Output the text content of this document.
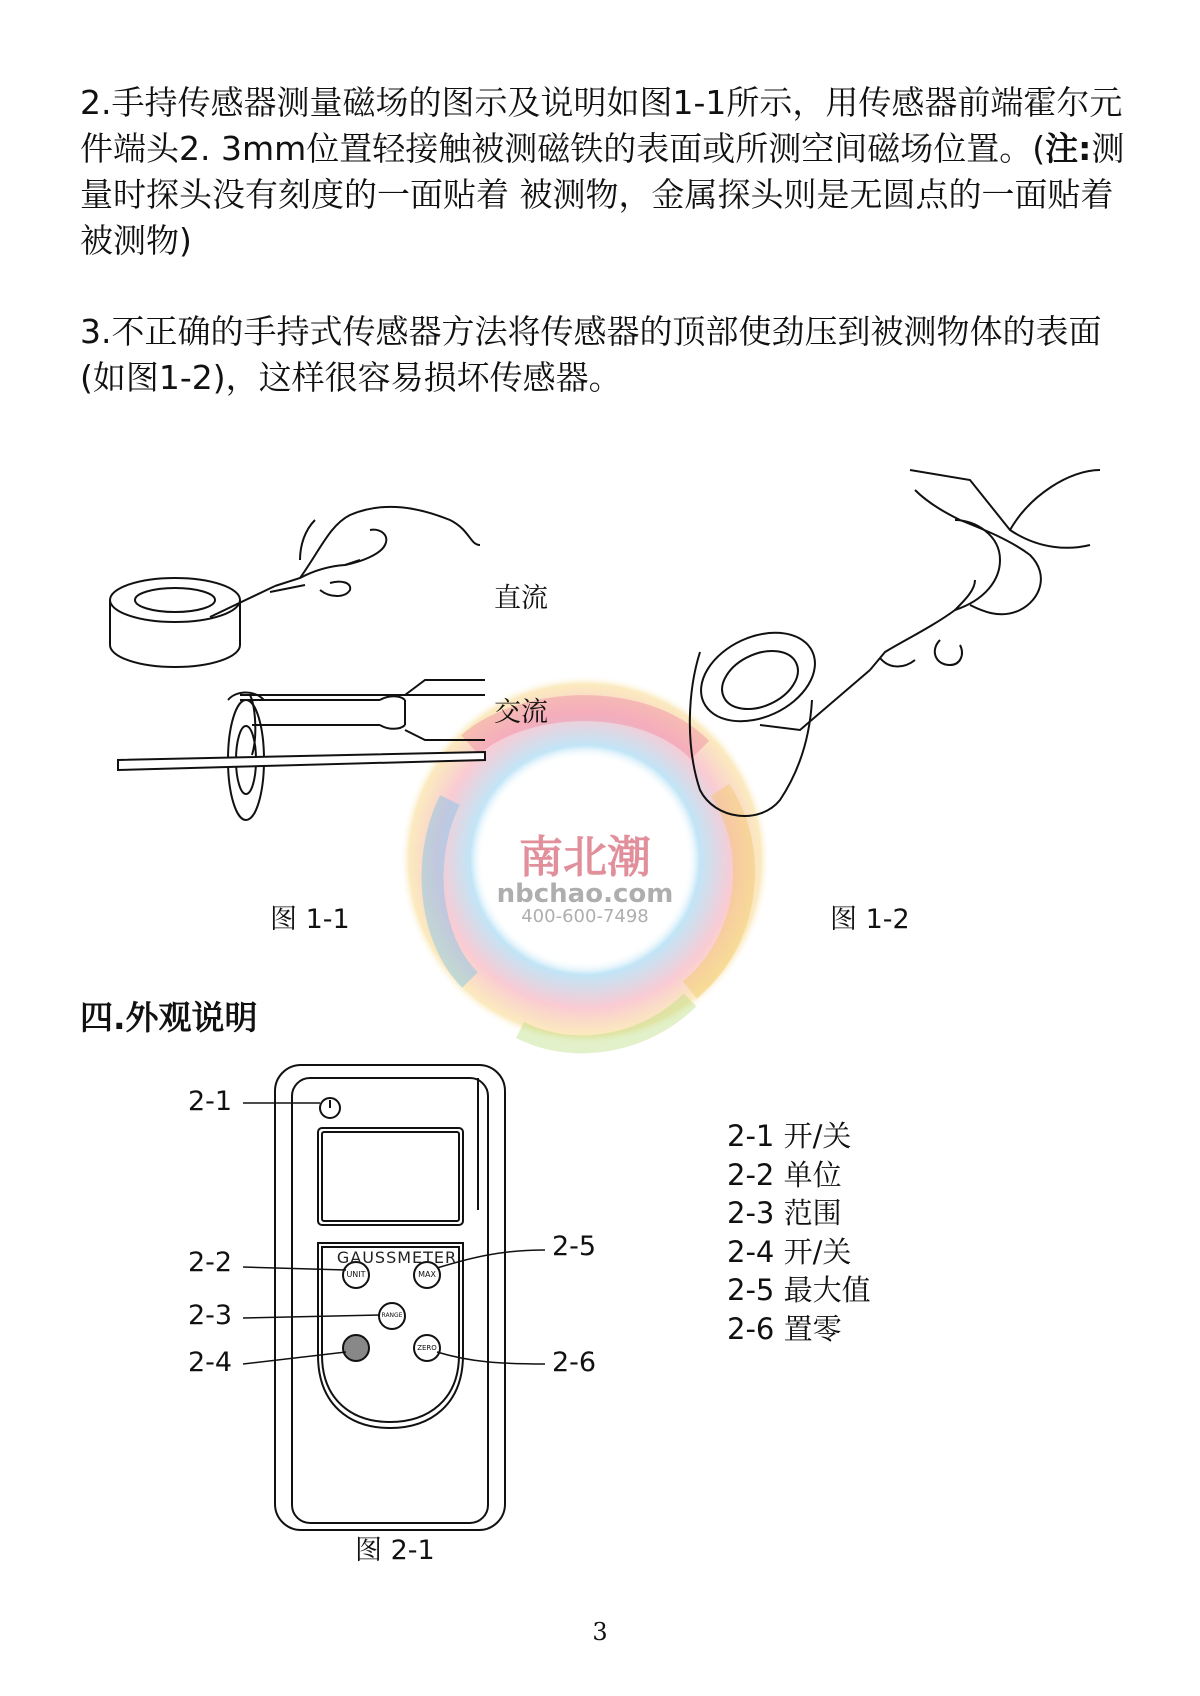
2.手持传感器测量磁场的图示及说明如图1-1所示，用传感器前端霍尔元件端头2. 3mm位置轻接触被测磁铁的表面或所测空间磁场位置。(注:测量时探头没有刻度的一面贴着 被测物，金属探头则是无圆点的一面贴着被测物)

3.不正确的手持式传感器方法将传感器的顶部使劲压到被测物体的表面(如图1-2)，这样很容易损坏传感器。

南北潮
nbchao.com
400-600-7498
直流
交流
图 1-1	图 1-2
四.外观说明
GAUSSMETER
UNIT	MAX
RANGE
ZERO
2-1
2-2
2-3
2-4
2-5
2-6
图 2-1
2-1 开/关
2-2 单位
2-3 范围
2-4 开/关
2-5 最大值
2-6 置零
3
